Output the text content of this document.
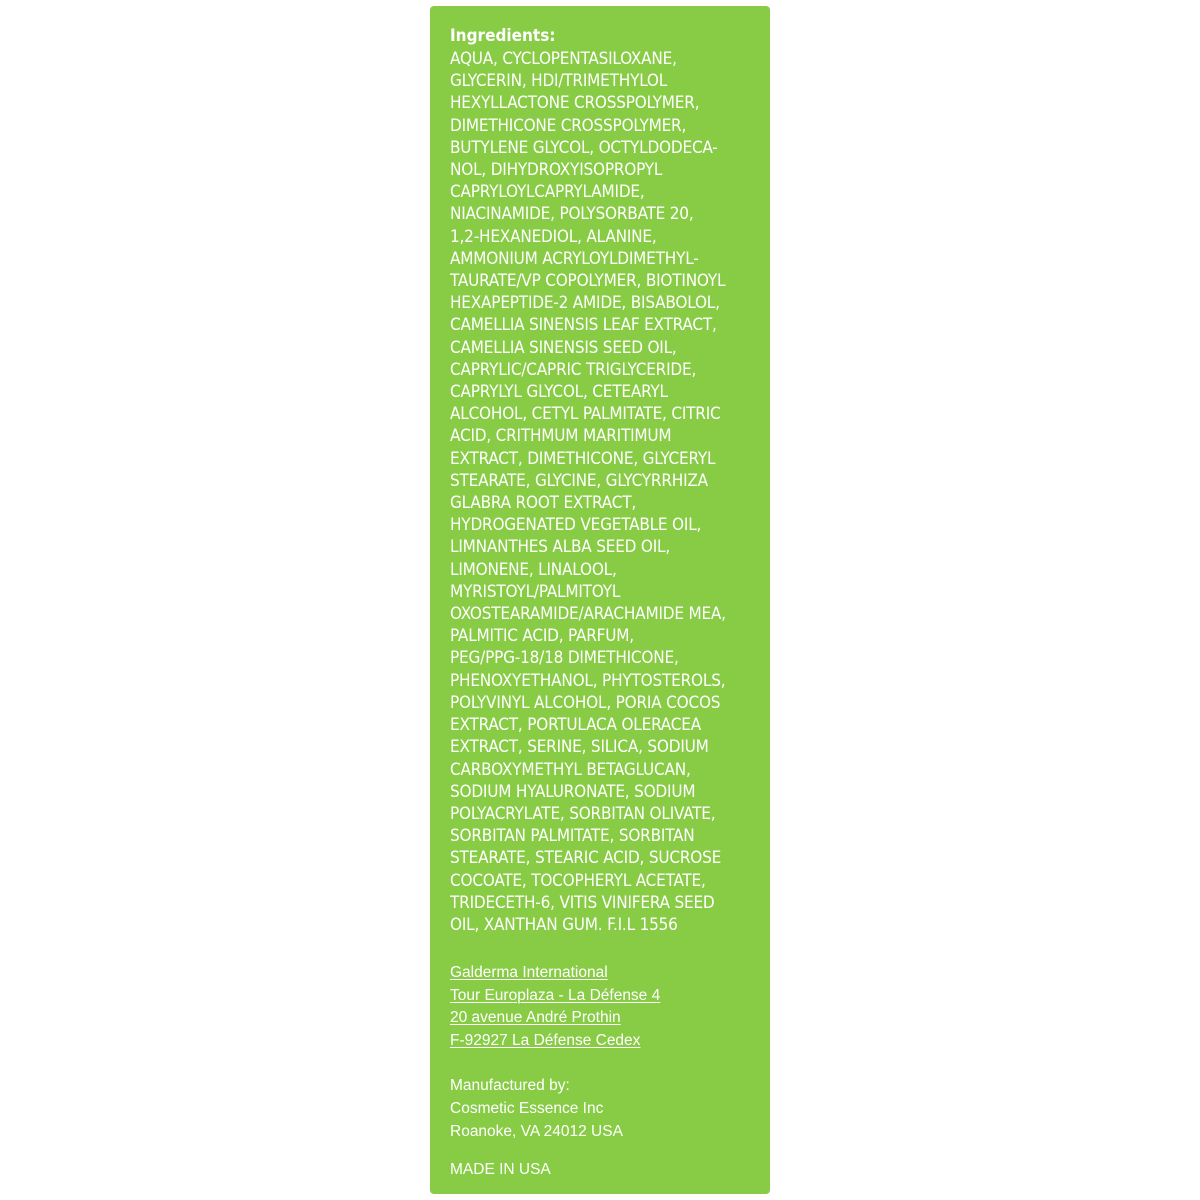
Ingredients:
AQUA, CYCLOPENTASILOXANE,
GLYCERIN, HDI/TRIMETHYLOL
HEXYLLACTONE CROSSPOLYMER,
DIMETHICONE CROSSPOLYMER,
BUTYLENE GLYCOL, OCTYLDODECA-
NOL, DIHYDROXYISOPROPYL
CAPRYLOYLCAPRYLAMIDE,
NIACINAMIDE, POLYSORBATE 20,
1,2-HEXANEDIOL, ALANINE,
AMMONIUM ACRYLOYLDIMETHYL-
TAURATE/VP COPOLYMER, BIOTINOYL
HEXAPEPTIDE-2 AMIDE, BISABOLOL,
CAMELLIA SINENSIS LEAF EXTRACT,
CAMELLIA SINENSIS SEED OIL,
CAPRYLIC/CAPRIC TRIGLYCERIDE,
CAPRYLYL GLYCOL, CETEARYL
ALCOHOL, CETYL PALMITATE, CITRIC
ACID, CRITHMUM MARITIMUM
EXTRACT, DIMETHICONE, GLYCERYL
STEARATE, GLYCINE, GLYCYRRHIZA
GLABRA ROOT EXTRACT,
HYDROGENATED VEGETABLE OIL,
LIMNANTHES ALBA SEED OIL,
LIMONENE, LINALOOL,
MYRISTOYL/PALMITOYL
OXOSTEARAMIDE/ARACHAMIDE MEA,
PALMITIC ACID, PARFUM,
PEG/PPG-18/18 DIMETHICONE,
PHENOXYETHANOL, PHYTOSTEROLS,
POLYVINYL ALCOHOL, PORIA COCOS
EXTRACT, PORTULACA OLERACEA
EXTRACT, SERINE, SILICA, SODIUM
CARBOXYMETHYL BETAGLUCAN,
SODIUM HYALURONATE, SODIUM
POLYACRYLATE, SORBITAN OLIVATE,
SORBITAN PALMITATE, SORBITAN
STEARATE, STEARIC ACID, SUCROSE
COCOATE, TOCOPHERYL ACETATE,
TRIDECETH-6, VITIS VINIFERA SEED
OIL, XANTHAN GUM. F.I.L 1556
Galderma International
Tour Europlaza - La Défense 4
20 avenue André Prothin
F-92927 La Défense Cedex
Manufactured by:
Cosmetic Essence Inc
Roanoke, VA 24012 USA

MADE IN USA
